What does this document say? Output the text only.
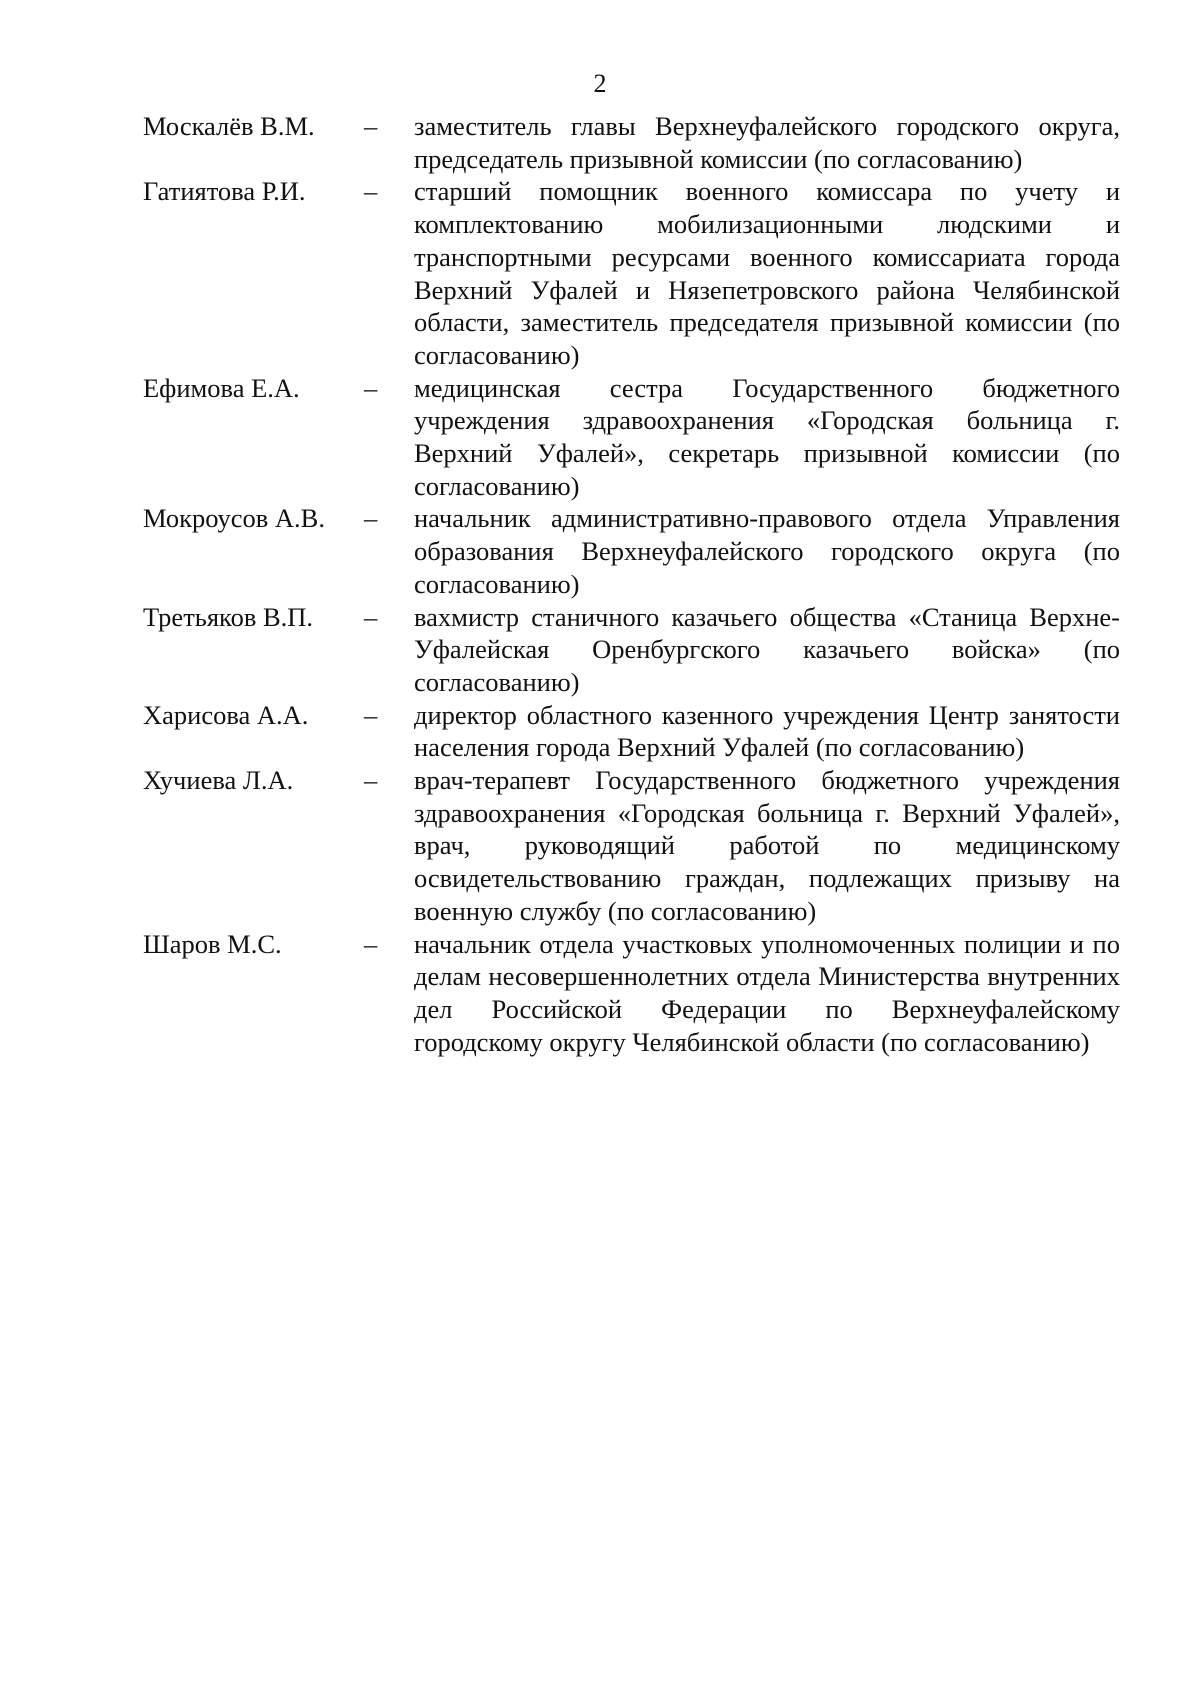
2
Москалёв В.М.	–	заместитель главы Верхнеуфалейского городского округа, председатель призывной комиссии (по согласованию)

Гатиятова Р.И.	–	старший помощник военного комиссара по учету и комплектованию мобилизационными людскими и транспортными ресурсами военного комиссариата города Верхний Уфалей и Нязепетровского района Челябинской области, заместитель председателя призывной комиссии (по согласованию)

Ефимова Е.А.	–	медицинская сестра Государственного бюджетного учреждения здравоохранения «Городская больница г. Верхний Уфалей», секретарь призывной комиссии (по согласованию)

Мокроусов А.В.	–	начальник административно-правового отдела Управления образования Верхнеуфалейского городского округа (по согласованию)

Третьяков В.П.	–	вахмистр станичного казачьего общества «Станица Верхне-Уфалейская Оренбургского казачьего войска» (по согласованию)

Харисова А.А.	–	директор областного казенного учреждения Центр занятости населения города Верхний Уфалей (по согласованию)

Хучиева Л.А.	–	врач-терапевт Государственного бюджетного учреждения здравоохранения «Городская больница г. Верхний Уфалей», врач, руководящий работой по медицинскому освидетельствованию граждан, подлежащих призыву на военную службу (по согласованию)

Шаров М.С.	–	начальник отдела участковых уполномоченных полиции и по делам несовершеннолетних отдела Министерства внутренних дел Российской Федерации по Верхнеуфалейскому городскому округу Челябинской области (по согласованию)
